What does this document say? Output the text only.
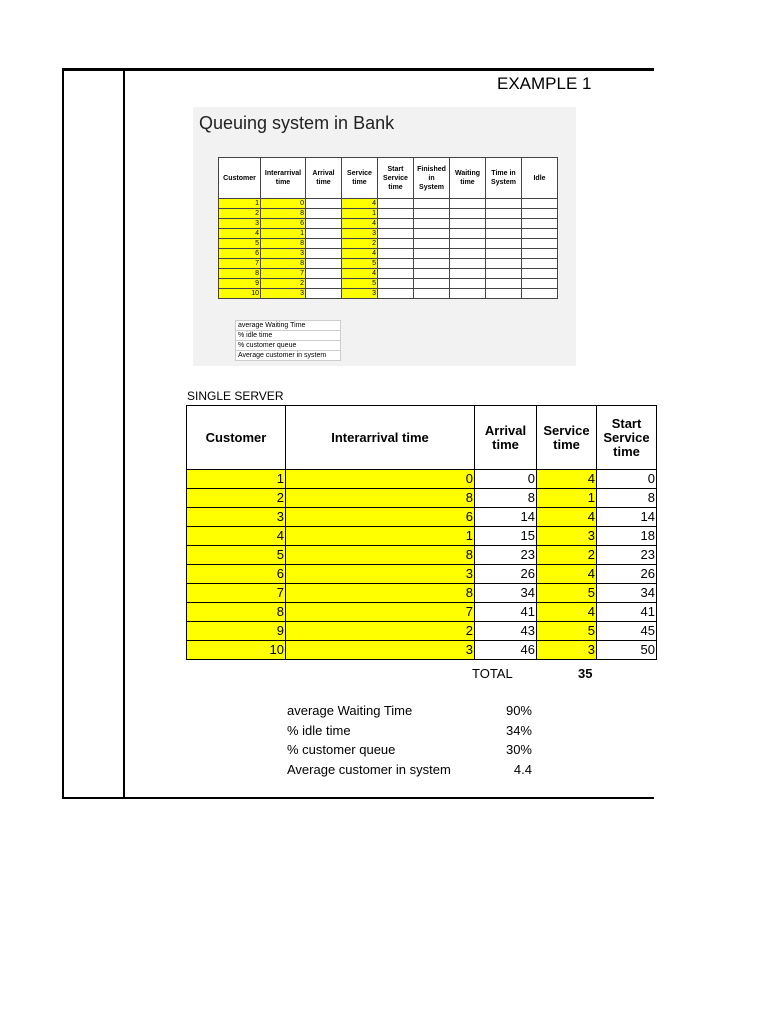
EXAMPLE 1
Queuing system in Bank
Customer	Interarrival time	Arrival time	Service time	Start Service time	Finished in System	Waiting time	Time in System	Idle
1	0		4					
2	8		1					
3	6		4					
4	1		3					
5	8		2					
6	3		4					
7	8		5					
8	7		4					
9	2		5					
10	3		3					
average Waiting Time
% idle time
% customer queue
Average customer in system
SINGLE SERVER
Customer	Interarrival time	Arrival time	Service time	Start Service time
1	0	0	4	0
2	8	8	1	8
3	6	14	4	14
4	1	15	3	18
5	8	23	2	23
6	3	26	4	26
7	8	34	5	34
8	7	41	4	41
9	2	43	5	45
10	3	46	3	50
TOTAL	35
average Waiting Time	90%
% idle time	34%
% customer queue	30%
Average customer in system	4.4
